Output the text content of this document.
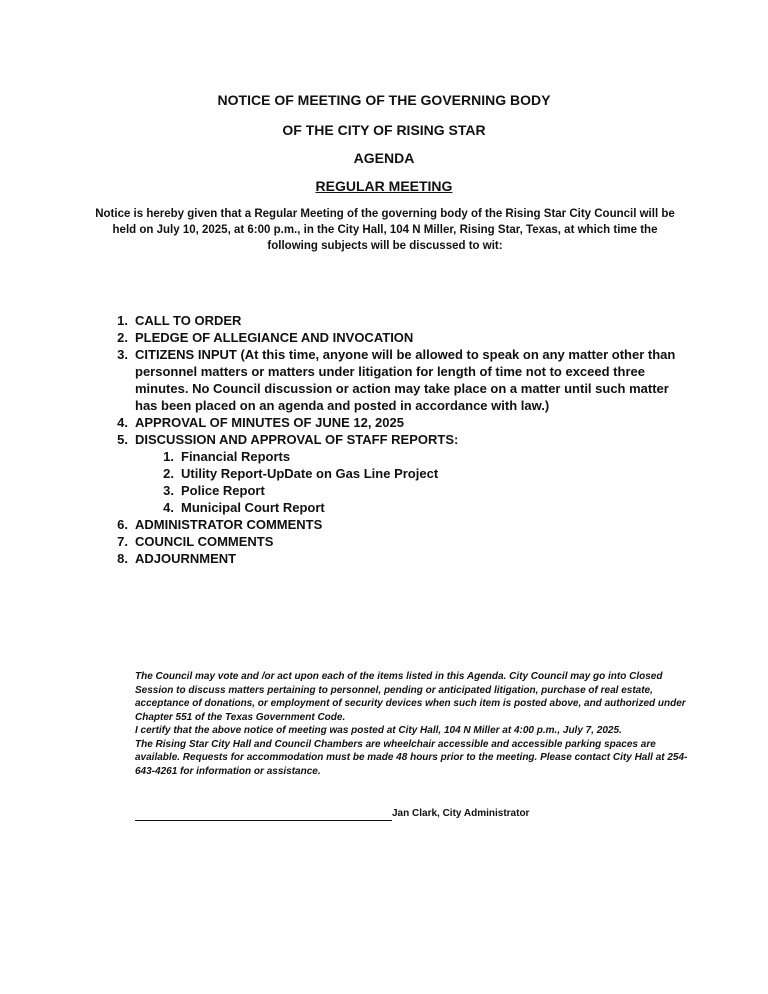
NOTICE OF MEETING OF THE GOVERNING BODY
OF THE CITY OF RISING STAR
AGENDA
REGULAR MEETING

Notice is hereby given that a Regular Meeting of the governing body of the Rising Star City Council will be held on July 10, 2025, at 6:00 p.m., in the City Hall, 104 N Miller, Rising Star, Texas, at which time the following subjects will be discussed to wit:

1. CALL TO ORDER
2. PLEDGE OF ALLEGIANCE AND INVOCATION
3. CITIZENS INPUT (At this time, anyone will be allowed to speak on any matter other than personnel matters or matters under litigation for length of time not to exceed three minutes. No Council discussion or action may take place on a matter until such matter has been placed on an agenda and posted in accordance with law.)
4. APPROVAL OF MINUTES OF JUNE 12, 2025
5. DISCUSSION AND APPROVAL OF STAFF REPORTS:
1. Financial Reports
2. Utility Report-UpDate on Gas Line Project
3. Police Report
4. Municipal Court Report
6. ADMINISTRATOR COMMENTS
7. COUNCIL COMMENTS
8. ADJOURNMENT

The Council may vote and /or act upon each of the items listed in this Agenda. City Council may go into Closed Session to discuss matters pertaining to personnel, pending or anticipated litigation, purchase of real estate, acceptance of donations, or employment of security devices when such item is posted above, and authorized under Chapter 551 of the Texas Government Code.

I certify that the above notice of meeting was posted at City Hall, 104 N Miller at 4:00 p.m., July 7, 2025.

The Rising Star City Hall and Council Chambers are wheelchair accessible and accessible parking spaces are available. Requests for accommodation must be made 48 hours prior to the meeting. Please contact City Hall at 254-643-4261 for information or assistance.

Jan Clark, City Administrator
